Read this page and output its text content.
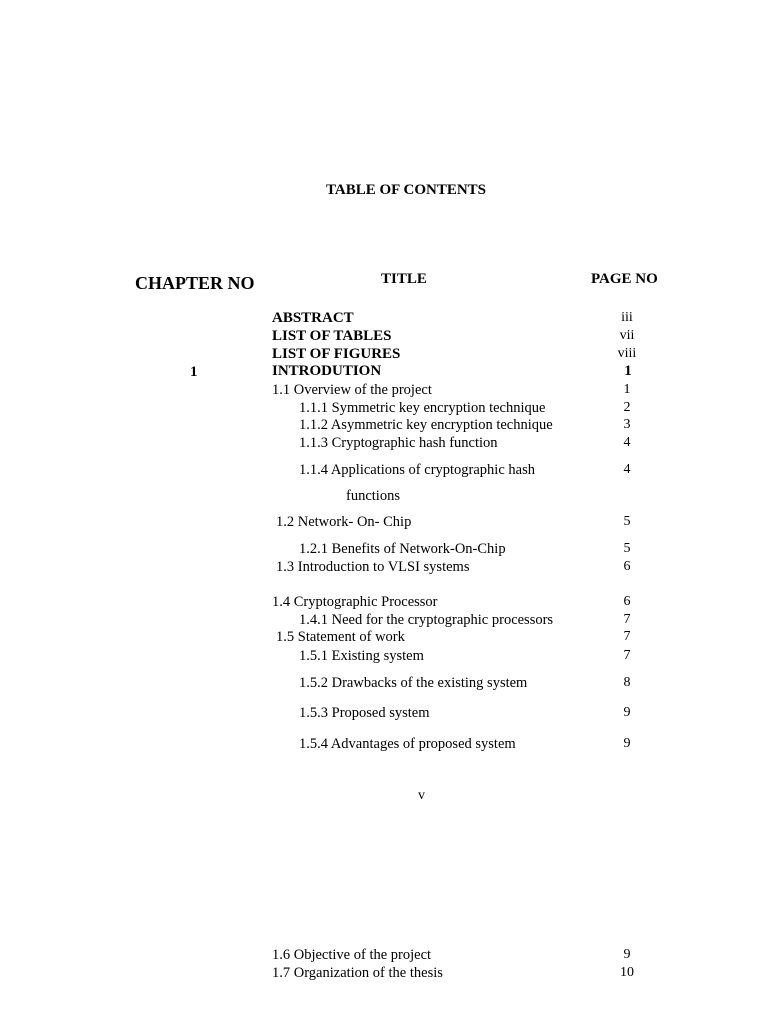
TABLE OF CONTENTS
CHAPTER NO	TITLE	PAGE NO
1
ABSTRACT
LIST OF TABLES
LIST OF FIGURES
INTRODUTION
1.1 Overview of the project
1.1.1 Symmetric key encryption technique
1.1.2 Asymmetric key encryption technique
1.1.3 Cryptographic hash function
1.1.4 Applications of cryptographic hash
functions
1.2 Network- On- Chip
1.2.1 Benefits of Network-On-Chip
1.3 Introduction to VLSI systems
1.4 Cryptographic Processor
1.4.1 Need for the cryptographic processors
1.5 Statement of work
1.5.1 Existing system
1.5.2 Drawbacks of the existing system
1.5.3 Proposed system
1.5.4 Advantages of proposed system
1.6 Objective of the project
1.7 Organization of the thesis
iii
vii
viii
1
1
2
3
4
4
5
5
6
6
7
7
7
8
9
9
9
10
v
